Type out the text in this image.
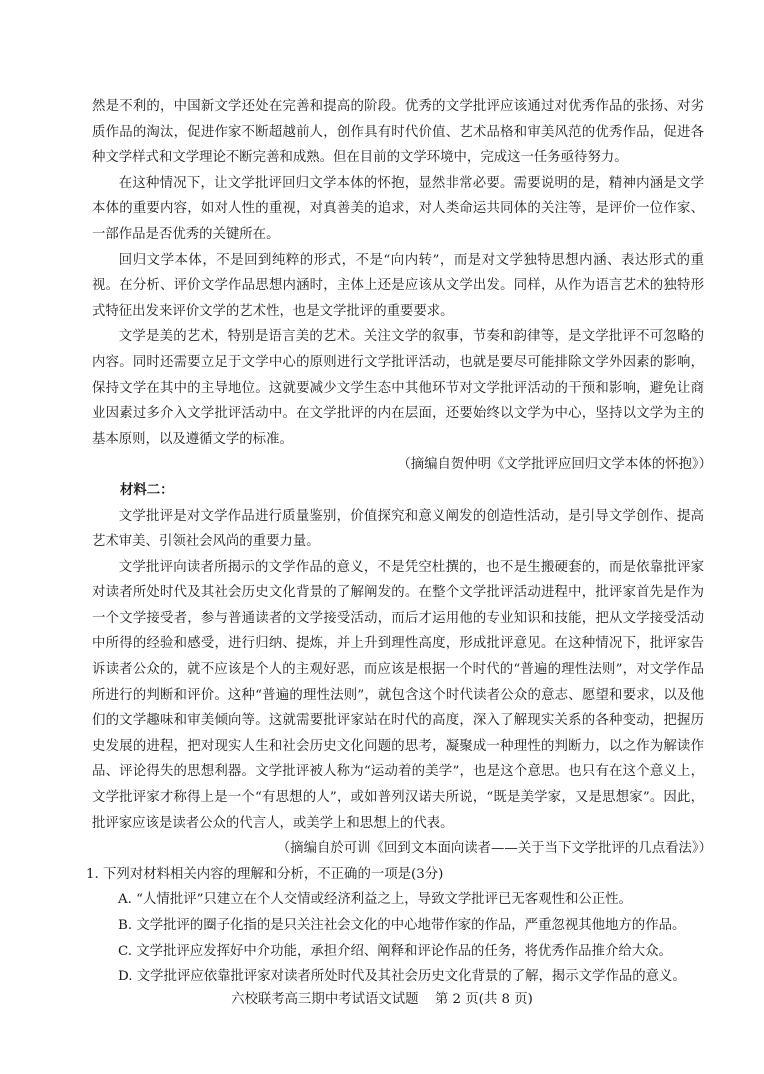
然是不利的，中国新文学还处在完善和提高的阶段。优秀的文学批评应该通过对优秀作品的张扬、对劣质作品的淘汰，促进作家不断超越前人，创作具有时代价值、艺术品格和审美风范的优秀作品，促进各种文学样式和文学理论不断完善和成熟。但在目前的文学环境中，完成这一任务亟待努力。

在这种情况下，让文学批评回归文学本体的怀抱，显然非常必要。需要说明的是，精神内涵是文学本体的重要内容，如对人性的重视，对真善美的追求，对人类命运共同体的关注等，是评价一位作家、一部作品是否优秀的关键所在。

回归文学本体，不是回到纯粹的形式，不是“向内转”，而是对文学独特思想内涵、表达形式的重视。在分析、评价文学作品思想内涵时，主体上还是应该从文学出发。同样，从作为语言艺术的独特形式特征出发来评价文学的艺术性，也是文学批评的重要要求。

文学是美的艺术，特别是语言美的艺术。关注文学的叙事，节奏和韵律等，是文学批评不可忽略的内容。同时还需要立足于文学中心的原则进行文学批评活动，也就是要尽可能排除文学外因素的影响，保持文学在其中的主导地位。这就要减少文学生态中其他环节对文学批评活动的干预和影响，避免让商业因素过多介入文学批评活动中。在文学批评的内在层面，还要始终以文学为中心，坚持以文学为主的基本原则，以及遵循文学的标准。

（摘编自贺仲明《文学批评应回归文学本体的怀抱》）

材料二：

文学批评是对文学作品进行质量鉴别，价值探究和意义阐发的创造性活动，是引导文学创作、提高艺术审美、引领社会风尚的重要力量。

文学批评向读者所揭示的文学作品的意义，不是凭空杜撰的，也不是生搬硬套的，而是依靠批评家对读者所处时代及其社会历史文化背景的了解阐发的。在整个文学批评活动进程中，批评家首先是作为一个文学接受者，参与普通读者的文学接受活动，而后才运用他的专业知识和技能，把从文学接受活动中所得的经验和感受，进行归纳、提炼，并上升到理性高度，形成批评意见。在这种情况下，批评家告诉读者公众的，就不应该是个人的主观好恶，而应该是根据一个时代的“普遍的理性法则”，对文学作品所进行的判断和评价。这种“普遍的理性法则”，就包含这个时代读者公众的意志、愿望和要求，以及他们的文学趣味和审美倾向等。这就需要批评家站在时代的高度，深入了解现实关系的各种变动，把握历史发展的进程，把对现实人生和社会历史文化问题的思考，凝聚成一种理性的判断力，以之作为解读作品、评论得失的思想利器。文学批评被人称为“运动着的美学”，也是这个意思。也只有在这个意义上，文学批评家才称得上是一个“有思想的人”，或如普列汉诺夫所说，“既是美学家，又是思想家”。因此，批评家应该是读者公众的代言人，或美学上和思想上的代表。

（摘编自於可训《回到文本面向读者——关于当下文学批评的几点看法》）

1. 下列对材料相关内容的理解和分析，不正确的一项是(3分)

A. “人情批评”只建立在个人交情或经济利益之上，导致文学批评已无客观性和公正性。

B. 文学批评的圈子化指的是只关注社会文化的中心地带作家的作品，严重忽视其他地方的作品。

C. 文学批评应发挥好中介功能，承担介绍、阐释和评论作品的任务，将优秀作品推介给大众。

D. 文学批评应依靠批评家对读者所处时代及其社会历史文化背景的了解，揭示文学作品的意义。

六校联考高三期中考试语文试题 第 2 页(共 8 页)
